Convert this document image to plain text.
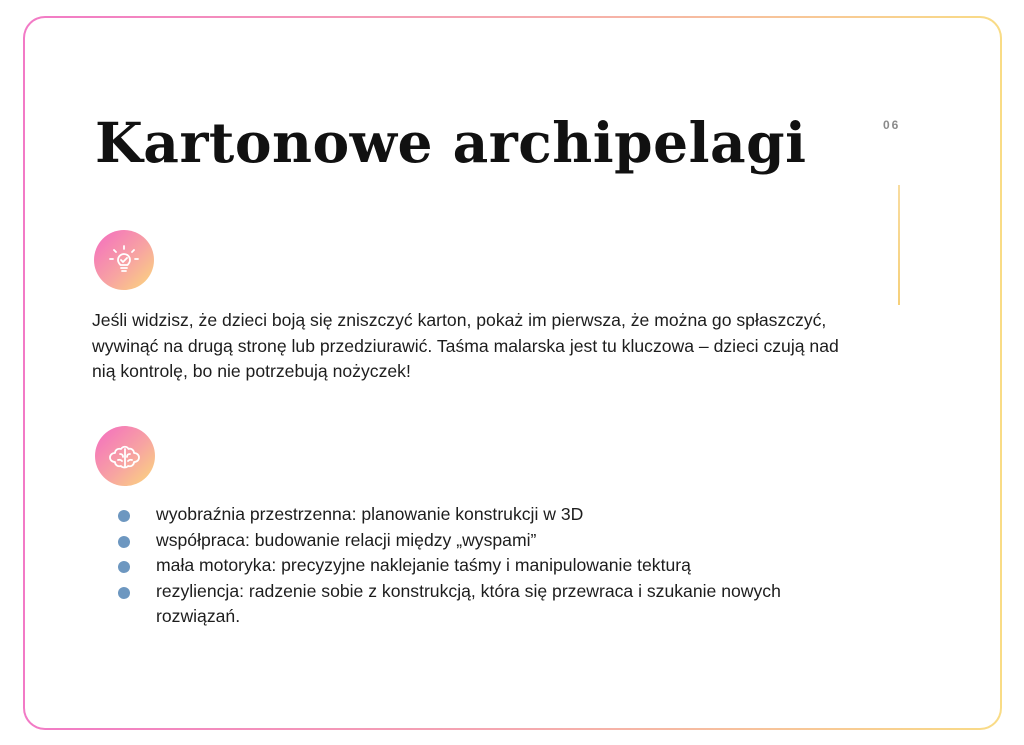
06
Kartonowe archipelagi

Jeśli widzisz, że dzieci boją się zniszczyć karton, pokaż im pierwsza, że można go spłaszczyć, wywinąć na drugą stronę lub przedziurawić. Taśma malarska jest tu kluczowa – dzieci czują nad nią kontrolę, bo nie potrzebują nożyczek!

wyobraźnia przestrzenna: planowanie konstrukcji w 3D
współpraca: budowanie relacji między „wyspami”
mała motoryka: precyzyjne naklejanie taśmy i manipulowanie tekturą
rezyliencja: radzenie sobie z konstrukcją, która się przewraca i szukanie nowych rozwiązań.
